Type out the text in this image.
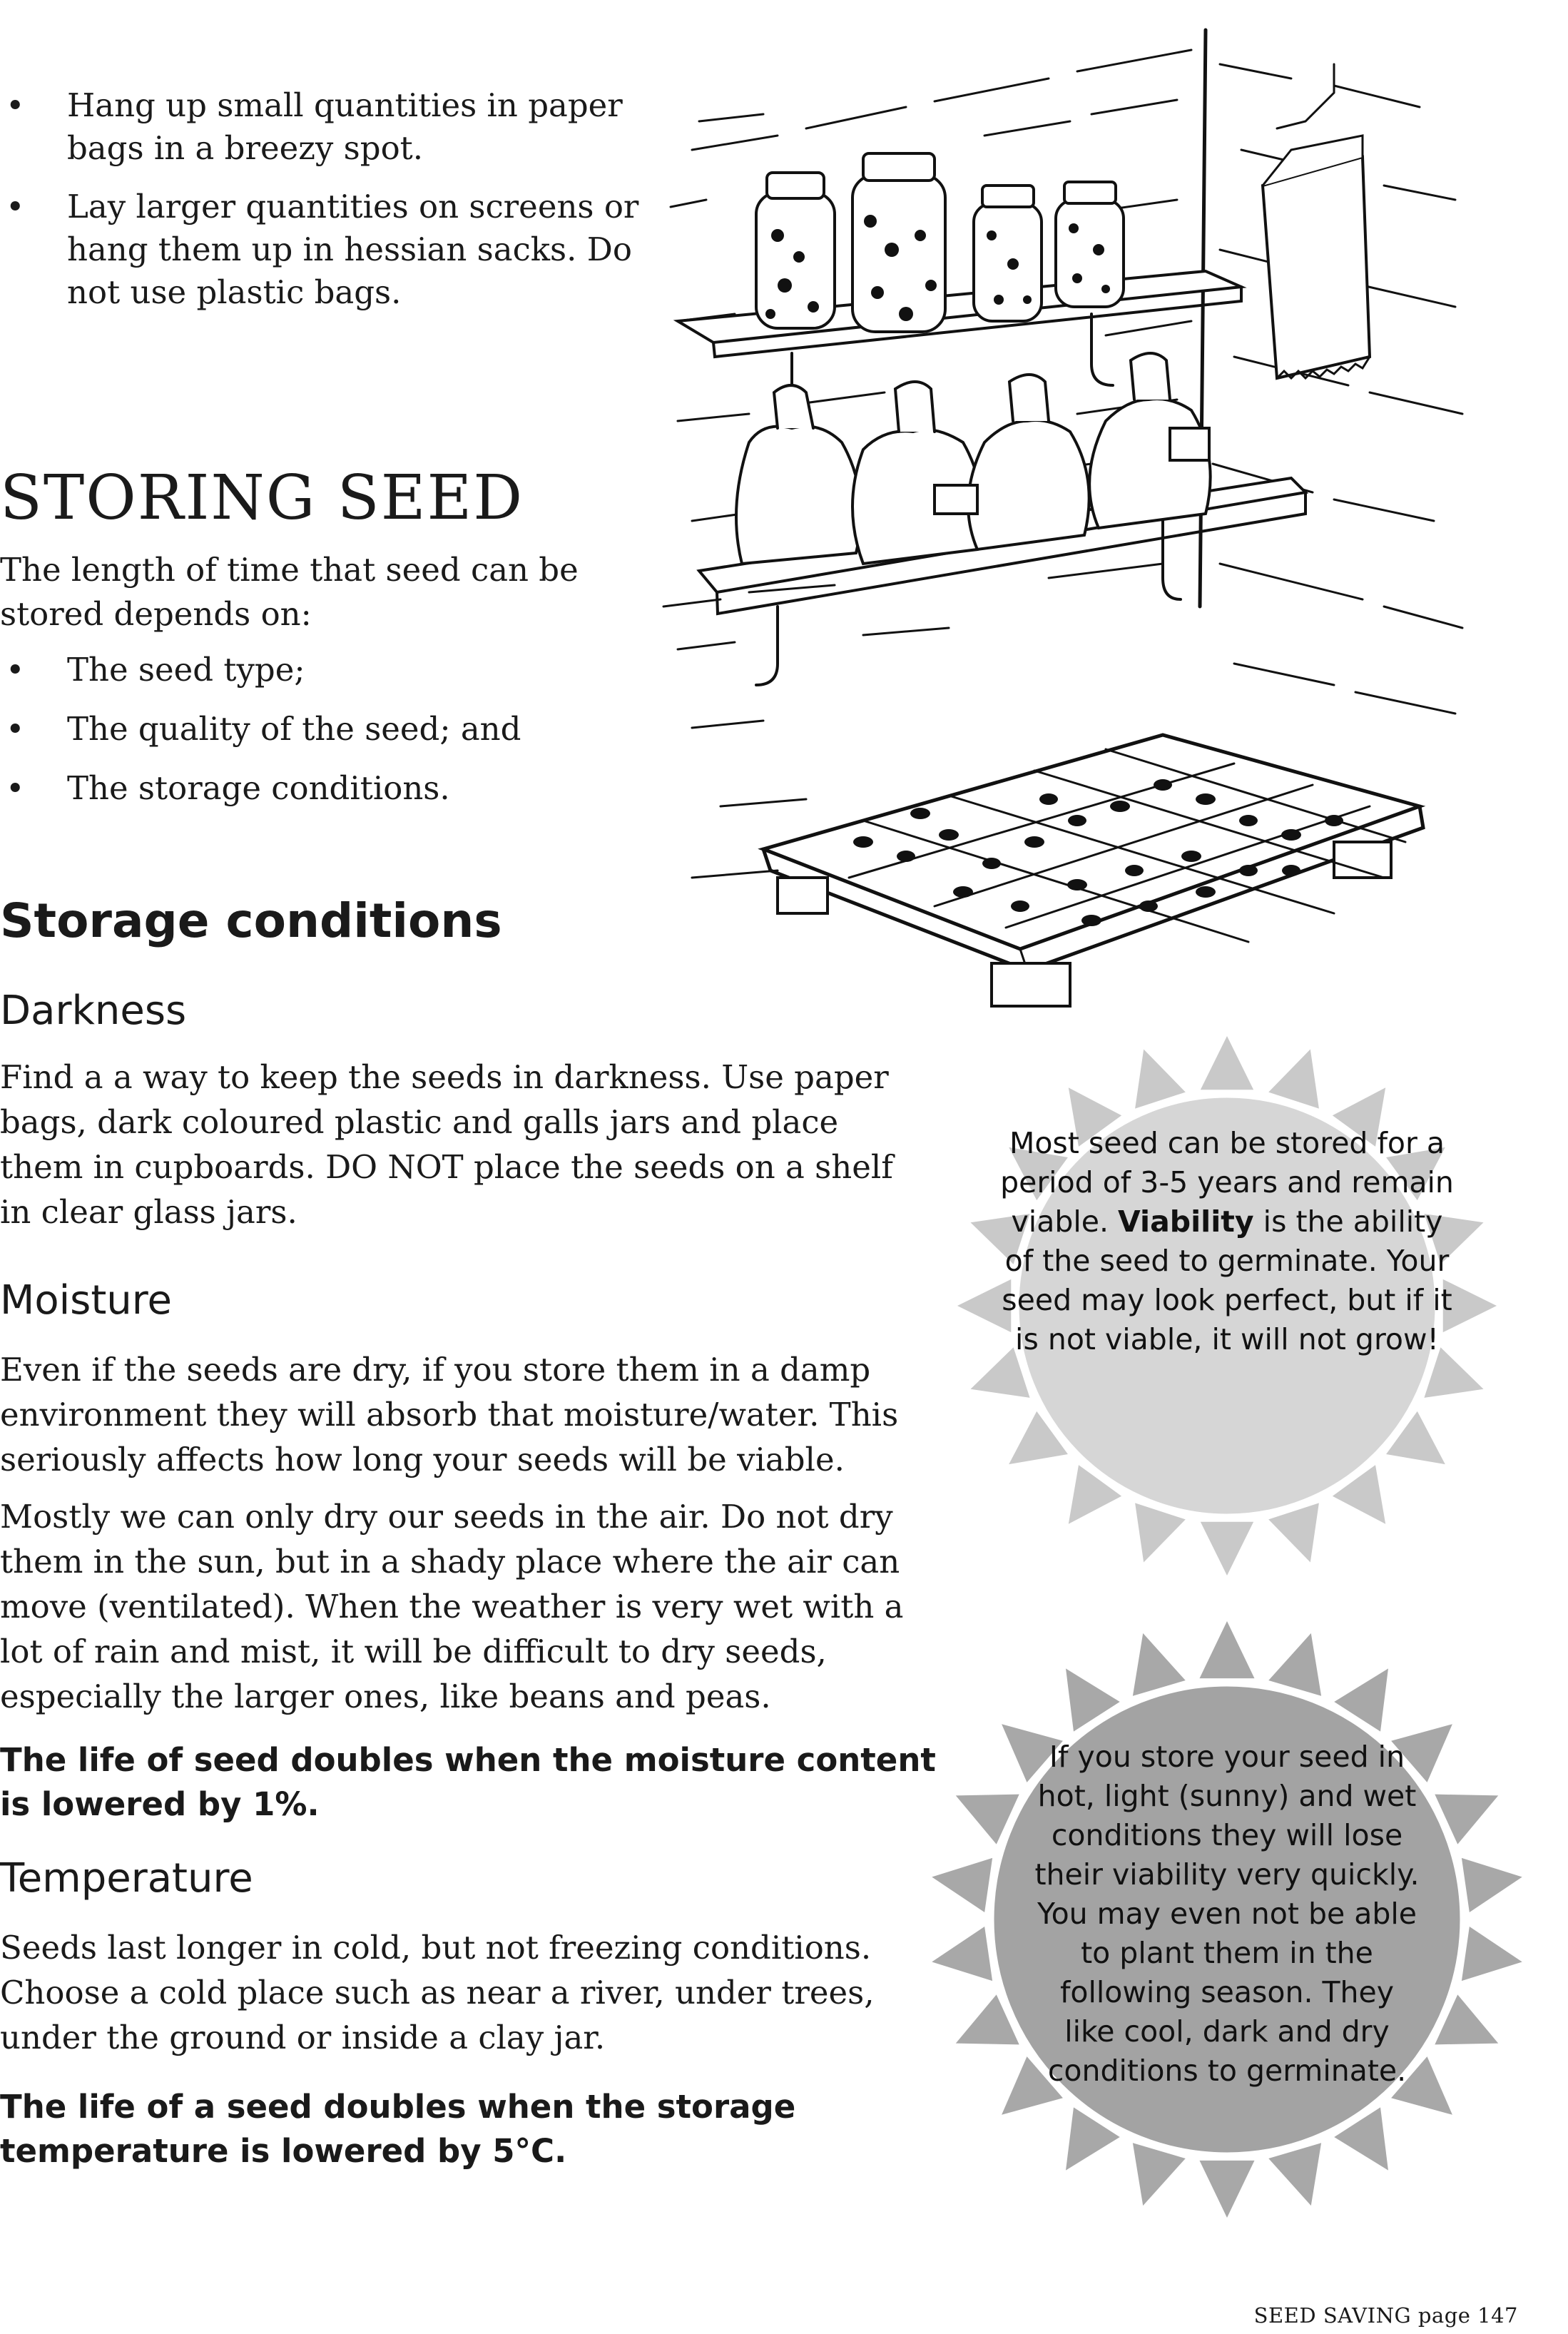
• Hang up small quantities in paper bags in a breezy spot.
• Lay larger quantities on screens or hang them up in hessian sacks. Do not use plastic bags.
STORING SEED
The length of time that seed can be stored depends on:
• The seed type;
• The quality of the seed; and
• The storage conditions.
Storage conditions
Darkness
Find a a way to keep the seeds in darkness. Use paper bags, dark coloured plastic and galls jars and place them in cupboards. DO NOT place the seeds on a shelf in clear glass jars.
Moisture
Even if the seeds are dry, if you store them in a damp environment they will absorb that moisture/water. This seriously affects how long your seeds will be viable.
Mostly we can only dry our seeds in the air. Do not dry them in the sun, but in a shady place where the air can move (ventilated). When the weather is very wet with a lot of rain and mist, it will be difficult to dry seeds, especially the larger ones, like beans and peas.
The life of seed doubles when the moisture content is lowered by 1%.
Temperature
Seeds last longer in cold, but not freezing conditions. Choose a cold place such as near a river, under trees, under the ground or inside a clay jar.
The life of a seed doubles when the storage temperature is lowered by 5°C.
Most seed can be stored for a period of 3-5 years and remain viable. Viability is the ability of the seed to germinate. Your seed may look perfect, but if it is not viable, it will not grow!
If you store your seed in hot, light (sunny) and wet conditions they will lose their viability very quickly. You may even not be able to plant them in the following season. They like cool, dark and dry conditions to germinate.
SEED SAVING page 147
